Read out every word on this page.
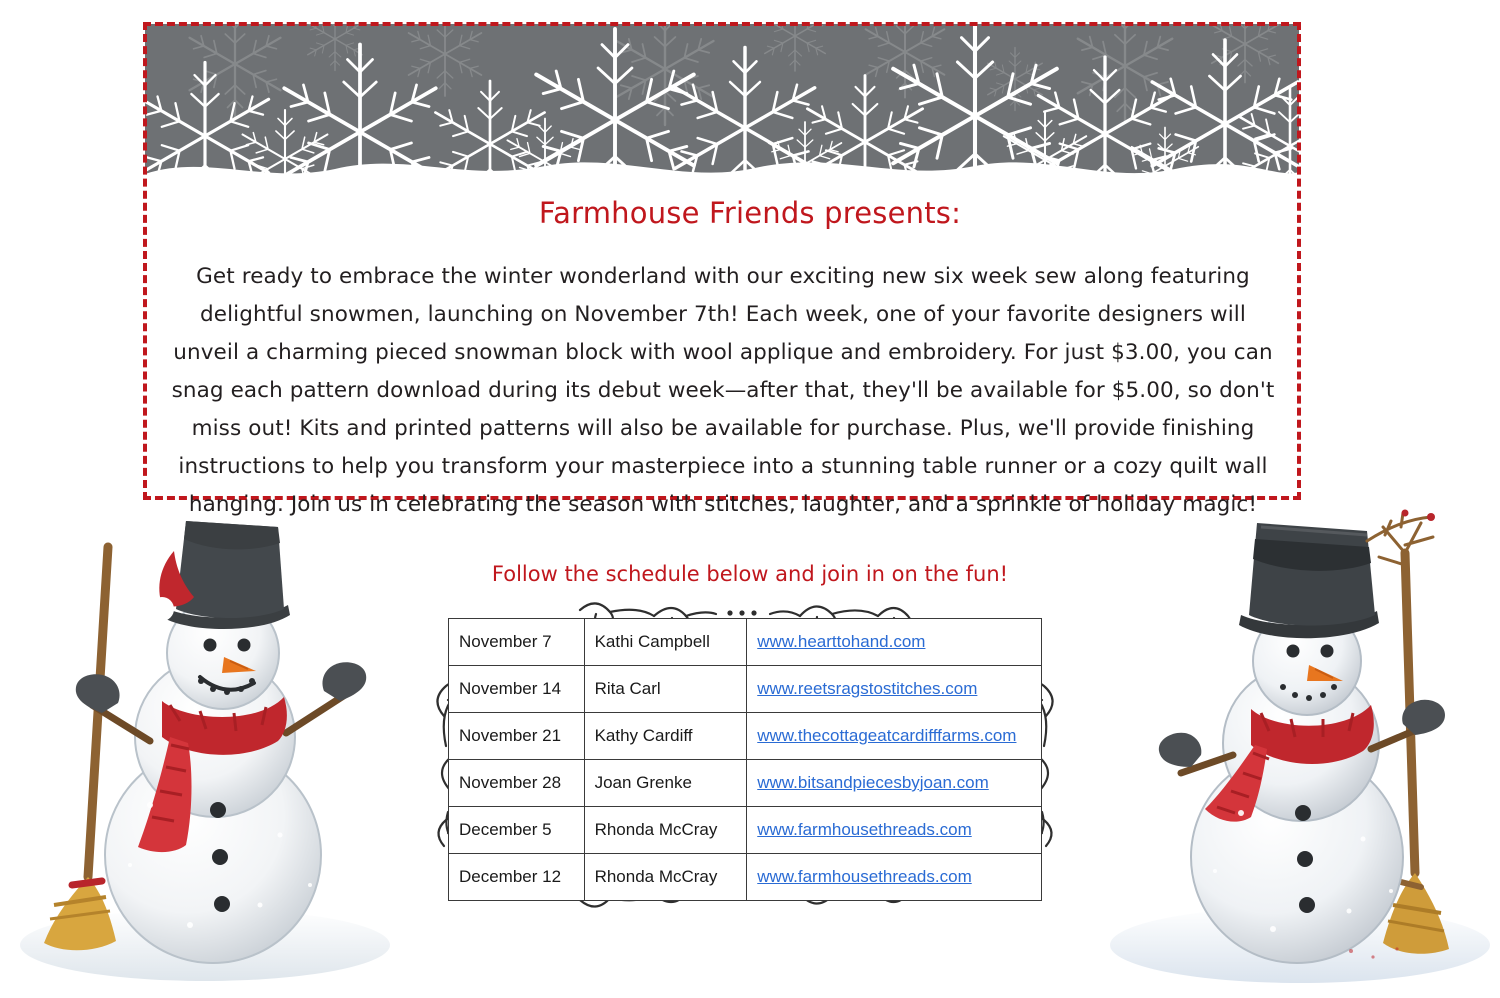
Farmhouse Friends presents:
Get ready to embrace the winter wonderland with our exciting new six week sew along featuring delightful snowmen, launching on November 7th! Each week, one of your favorite designers will unveil a charming pieced snowman block with wool applique and embroidery. For just $3.00, you can snag each pattern download during its debut week—after that, they'll be available for $5.00, so don't miss out! Kits and printed patterns will also be available for purchase. Plus, we'll provide finishing instructions to help you transform your masterpiece into a stunning table runner or a cozy quilt wall hanging. Join us in celebrating the season with stitches, laughter, and a sprinkle of holiday magic!
Follow the schedule below and join in on the fun!
November 7	Kathi Campbell	www.hearttohand.com
November 14	Rita Carl	www.reetsragstostitches.com
November 21	Kathy Cardiff	www.thecottageatcardifffarms.com
November 28	Joan Grenke	www.bitsandpiecesbyjoan.com
December 5	Rhonda McCray	www.farmhousethreads.com
December 12	Rhonda McCray	www.farmhousethreads.com
